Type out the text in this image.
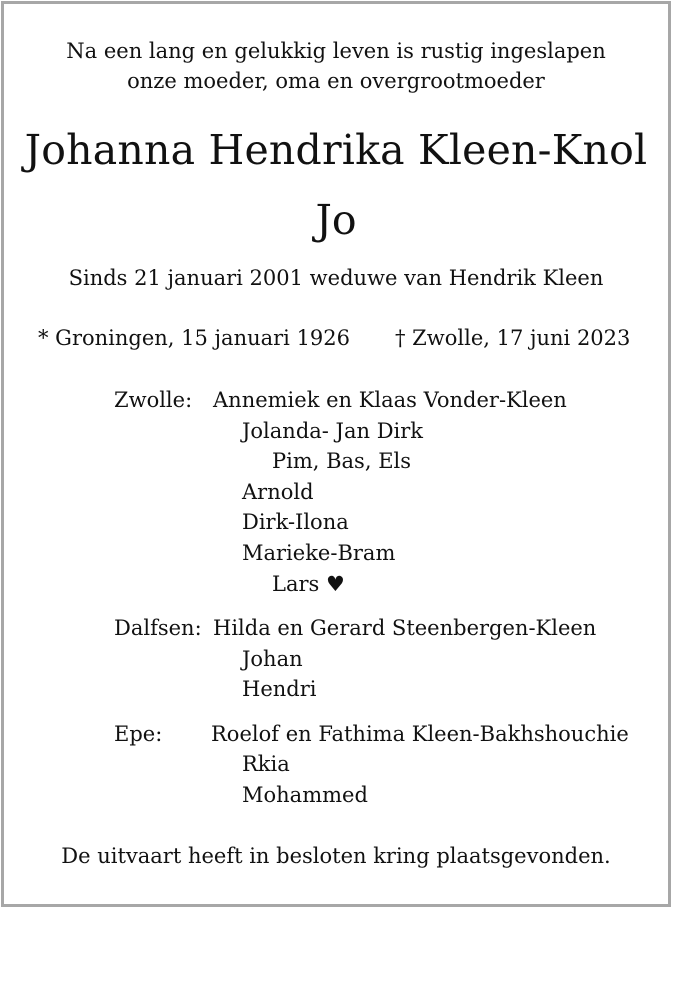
Na een lang en gelukkig leven is rustig ingeslapen
onze moeder, oma en overgrootmoeder
Johanna Hendrika Kleen-Knol
Jo
Sinds 21 januari 2001 weduwe van Hendrik Kleen
* Groningen, 15 januari 1926 † Zwolle, 17 juni 2023
Zwolle: Annemiek en Klaas Vonder-Kleen
Jolanda- Jan Dirk
Pim, Bas, Els
Arnold
Dirk-Ilona
Marieke-Bram
Lars ♥
Dalfsen: Hilda en Gerard Steenbergen-Kleen
Johan
Hendri
Epe: Roelof en Fathima Kleen-Bakhshouchie
Rkia
Mohammed
De uitvaart heeft in besloten kring plaatsgevonden.
